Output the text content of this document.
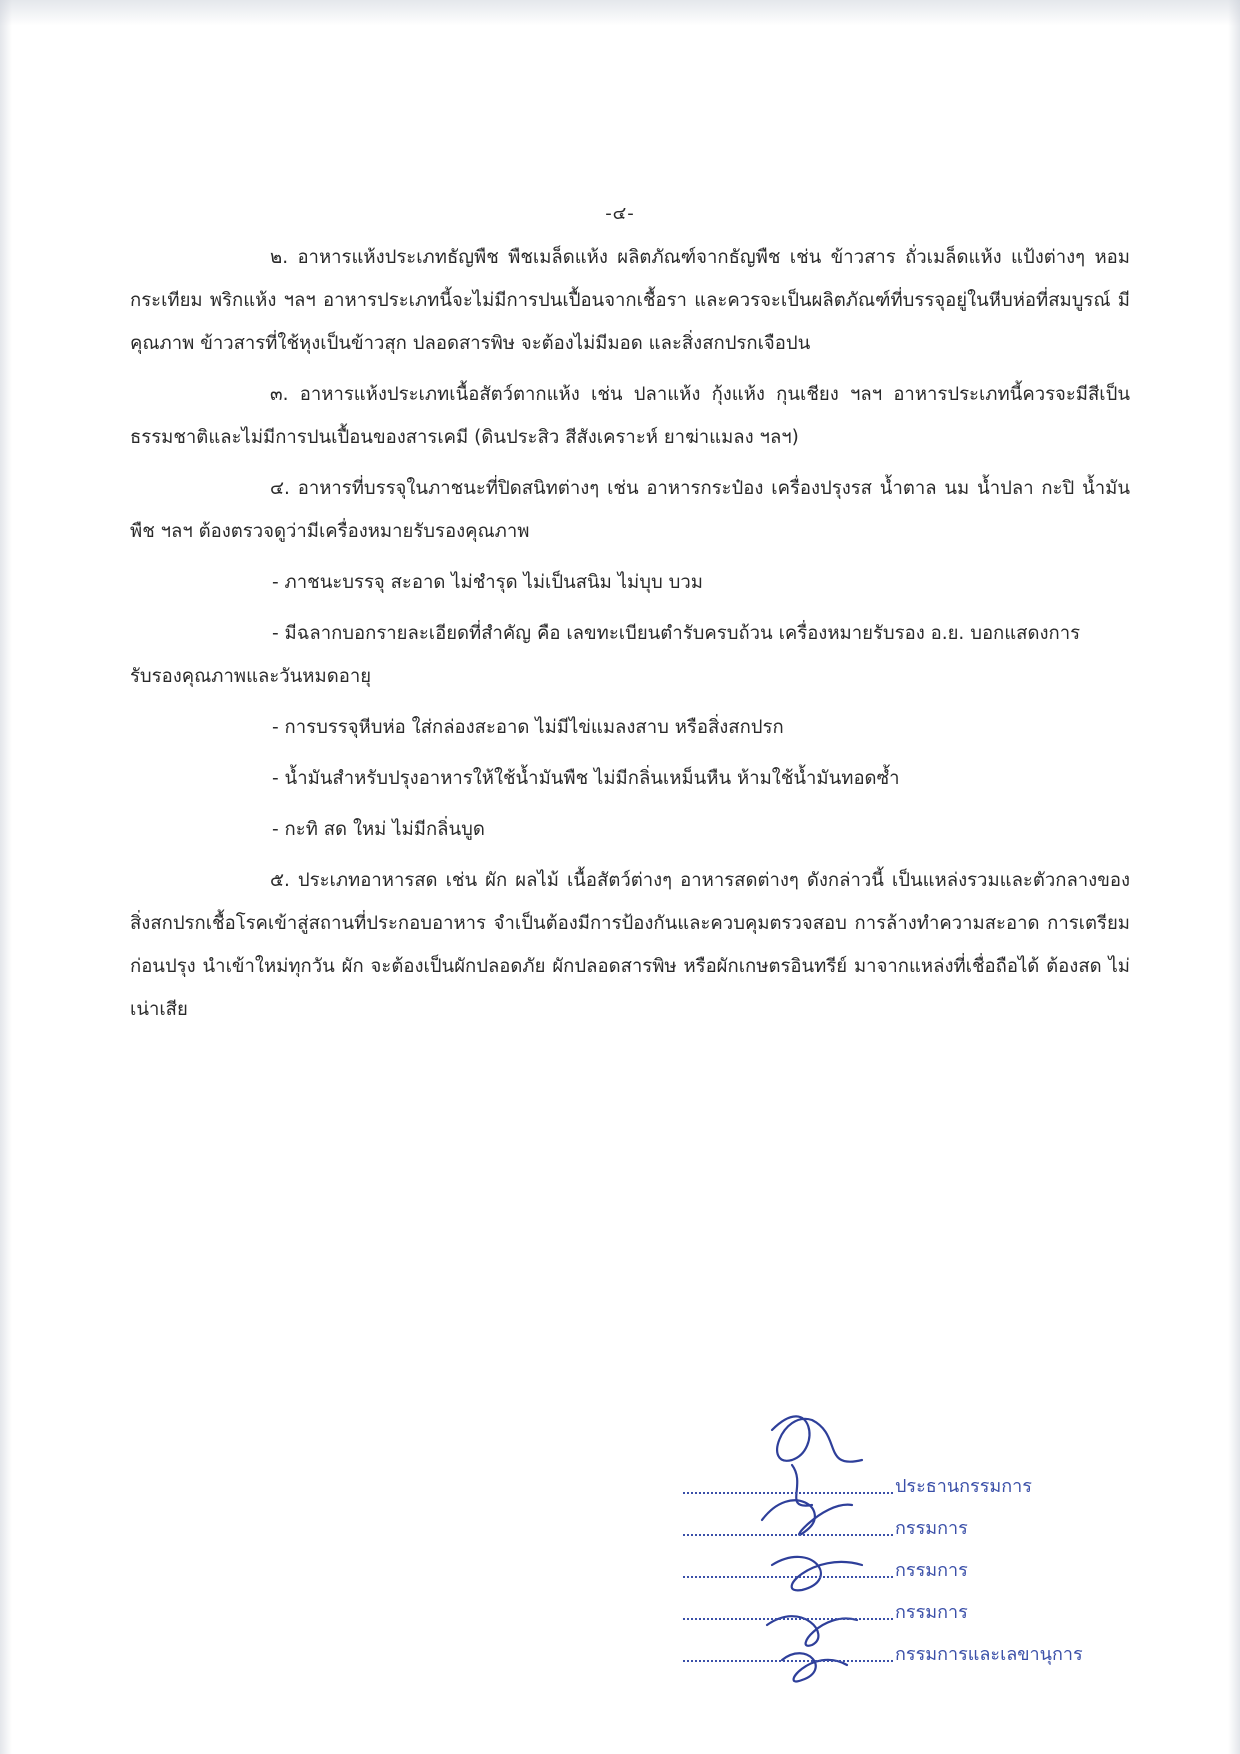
-๔-

๒. อาหารแห้งประเภทธัญพืช พืชเมล็ดแห้ง ผลิตภัณฑ์จากธัญพืช เช่น ข้าวสาร ถั่วเมล็ดแห้ง แป้งต่างๆ หอม กระเทียม พริกแห้ง ฯลฯ อาหารประเภทนี้จะไม่มีการปนเปื้อนจากเชื้อรา และควรจะเป็นผลิตภัณฑ์ที่บรรจุอยู่ในหีบห่อที่สมบูรณ์ มีคุณภาพ ข้าวสารที่ใช้หุงเป็นข้าวสุก ปลอดสารพิษ จะต้องไม่มีมอด และสิ่งสกปรกเจือปน

๓. อาหารแห้งประเภทเนื้อสัตว์ตากแห้ง เช่น ปลาแห้ง กุ้งแห้ง กุนเชียง ฯลฯ อาหารประเภทนี้ควรจะมีสีเป็นธรรมชาติและไม่มีการปนเปื้อนของสารเคมี (ดินประสิว สีสังเคราะห์ ยาฆ่าแมลง ฯลฯ)

๔. อาหารที่บรรจุในภาชนะที่ปิดสนิทต่างๆ เช่น อาหารกระป๋อง เครื่องปรุงรส น้ำตาล นม น้ำปลา กะปิ น้ำมันพืช ฯลฯ ต้องตรวจดูว่ามีเครื่องหมายรับรองคุณภาพ

- ภาชนะบรรจุ สะอาด ไม่ชำรุด ไม่เป็นสนิม ไม่บุบ บวม

- มีฉลากบอกรายละเอียดที่สำคัญ คือ เลขทะเบียนตำรับครบถ้วน เครื่องหมายรับรอง อ.ย. บอกแสดงการรับรองคุณภาพและวันหมดอายุ

- การบรรจุหีบห่อ ใส่กล่องสะอาด ไม่มีไข่แมลงสาบ หรือสิ่งสกปรก

- น้ำมันสำหรับปรุงอาหารให้ใช้น้ำมันพืช ไม่มีกลิ่นเหม็นหืน ห้ามใช้น้ำมันทอดซ้ำ

- กะทิ สด ใหม่ ไม่มีกลิ่นบูด

๕. ประเภทอาหารสด เช่น ผัก ผลไม้ เนื้อสัตว์ต่างๆ อาหารสดต่างๆ ดังกล่าวนี้ เป็นแหล่งรวมและตัวกลางของสิ่งสกปรกเชื้อโรคเข้าสู่สถานที่ประกอบอาหาร จำเป็นต้องมีการป้องกันและควบคุมตรวจสอบ การล้างทำความสะอาด การเตรียมก่อนปรุง นำเข้าใหม่ทุกวัน ผัก จะต้องเป็นผักปลอดภัย ผักปลอดสารพิษ หรือผักเกษตรอินทรีย์ มาจากแหล่งที่เชื่อถือได้ ต้องสด ไม่เน่าเสีย

ประธานกรรมการ
กรรมการ
กรรมการ
กรรมการ
กรรมการและเลขานุการ
